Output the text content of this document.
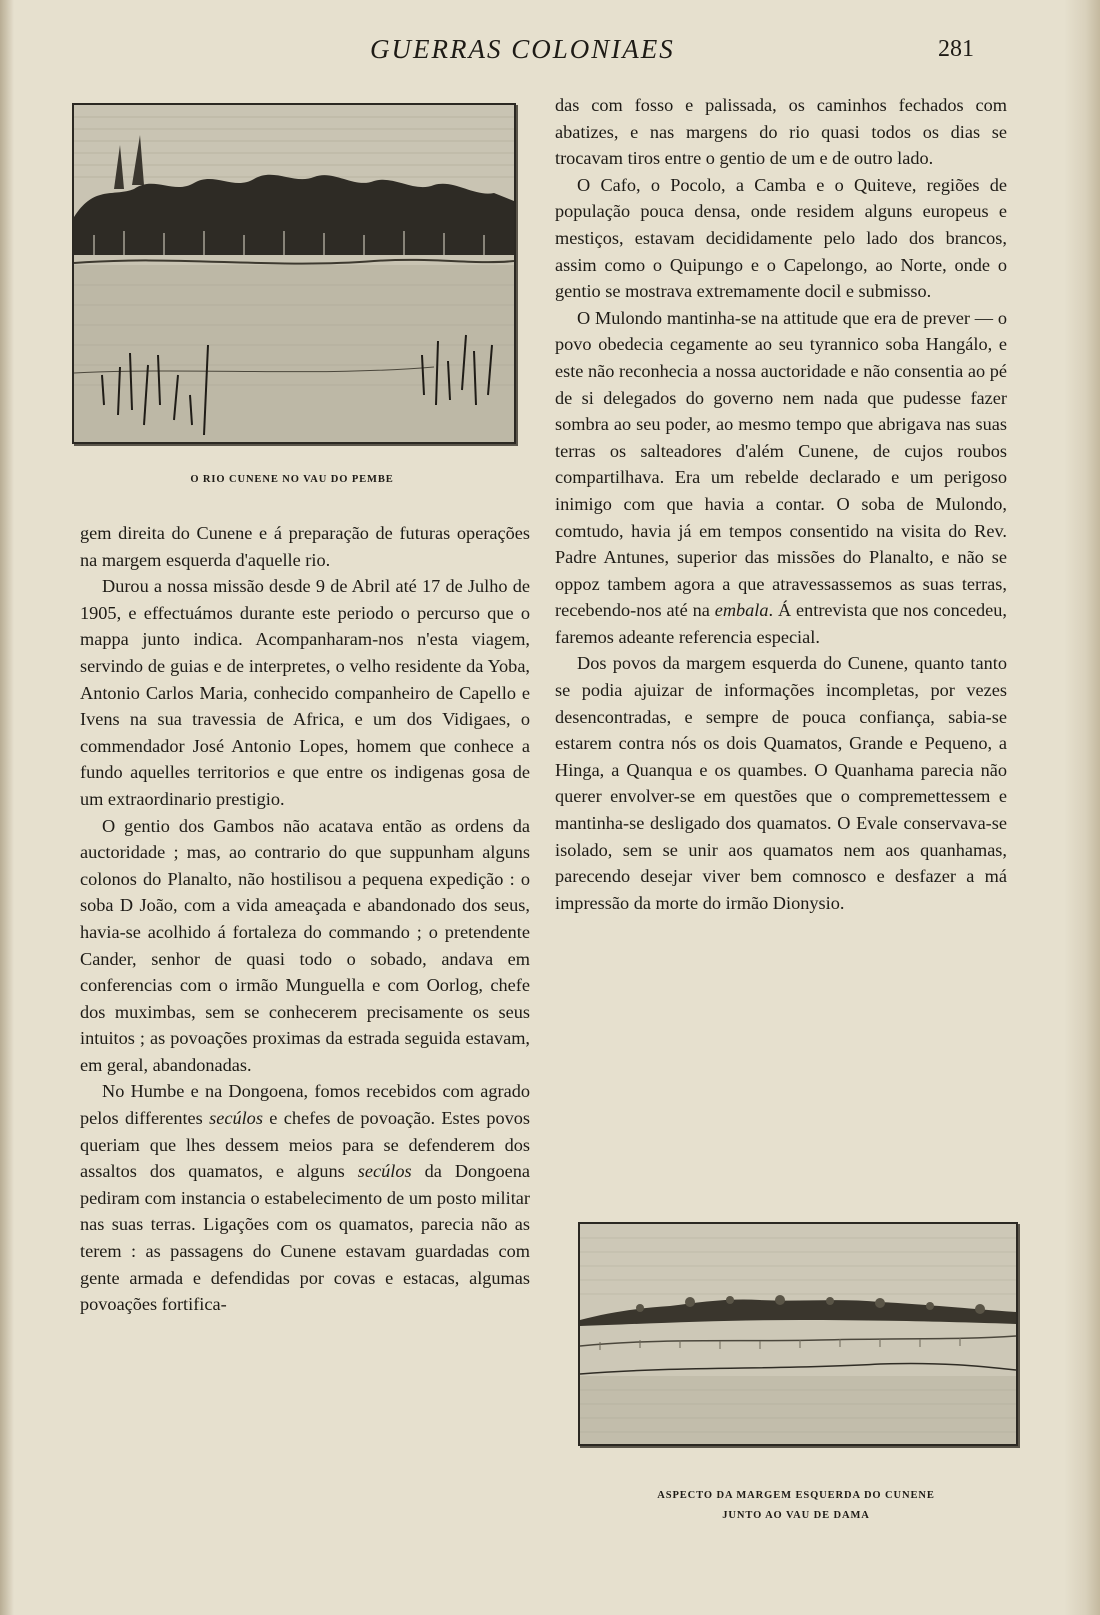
GUERRAS COLONIAES	281
O RIO CUNENE NO VAU DO PEMBE

gem direita do Cunene e á preparação de futuras operações na margem esquerda d'aquelle rio.

Durou a nossa missão desde 9 de Abril até 17 de Julho de 1905, e effectuámos durante este periodo o percurso que o mappa junto indica. Acompanharam-nos n'esta viagem, servindo de guias e de interpretes, o velho residente da Yoba, Antonio Carlos Maria, conhecido companheiro de Capello e Ivens na sua travessia de Africa, e um dos Vidigaes, o commendador José Antonio Lopes, homem que conhece a fundo aquelles territorios e que entre os indigenas gosa de um extraordinario prestigio.

O gentio dos Gambos não acatava então as ordens da auctoridade ; mas, ao contrario do que suppunham alguns colonos do Planalto, não hostilisou a pequena expedição : o soba D João, com a vida ameaçada e abandonado dos seus, havia-se acolhido á fortaleza do commando ; o pretendente Cander, senhor de quasi todo o sobado, andava em conferencias com o irmão Munguella e com Oorlog, chefe dos muximbas, sem se conhecerem precisamente os seus intuitos ; as povoações proximas da estrada seguida estavam, em geral, abandonadas.

No Humbe e na Dongoena, fomos recebidos com agrado pelos differentes secúlos e chefes de povoação. Estes povos queriam que lhes dessem meios para se defenderem dos assaltos dos quamatos, e alguns secúlos da Dongoena pediram com instancia o estabelecimento de um posto militar nas suas terras. Ligações com os quamatos, parecia não as terem : as passagens do Cunene estavam guardadas com gente armada e defendidas por covas e estacas, algumas povoações fortifica-

das com fosso e palissada, os caminhos fechados com abatizes, e nas margens do rio quasi todos os dias se trocavam tiros entre o gentio de um e de outro lado.

O Cafo, o Pocolo, a Camba e o Quiteve, regiões de população pouca densa, onde residem alguns europeus e mestiços, estavam decididamente pelo lado dos brancos, assim como o Quipungo e o Capelongo, ao Norte, onde o gentio se mostrava extremamente docil e submisso.

O Mulondo mantinha-se na attitude que era de prever — o povo obedecia cegamente ao seu tyrannico soba Hangálo, e este não reconhecia a nossa auctoridade e não consentia ao pé de si delegados do governo nem nada que pudesse fazer sombra ao seu poder, ao mesmo tempo que abrigava nas suas terras os salteadores d'além Cunene, de cujos roubos compartilhava. Era um rebelde declarado e um perigoso inimigo com que havia a contar. O soba de Mulondo, comtudo, havia já em tempos consentido na visita do Rev. Padre Antunes, superior das missões do Planalto, e não se oppoz tambem agora a que atravessassemos as suas terras, recebendo-nos até na embala. Á entrevista que nos concedeu, faremos adeante referencia especial.

Dos povos da margem esquerda do Cunene, quanto tanto se podia ajuizar de informações incompletas, por vezes desencontradas, e sempre de pouca confiança, sabia-se estarem contra nós os dois Quamatos, Grande e Pequeno, a Hinga, a Quanqua e os quambes. O Quanhama parecia não querer envolver-se em questões que o compremettessem e mantinha-se desligado dos quamatos. O Evale conservava-se isolado, sem se unir aos quamatos nem aos quanhamas, parecendo desejar viver bem comnosco e desfazer a má impressão da morte do irmão Dionysio.

ASPECTO DA MARGEM ESQUERDA DO CUNENE
JUNTO AO VAU DE DAMA
